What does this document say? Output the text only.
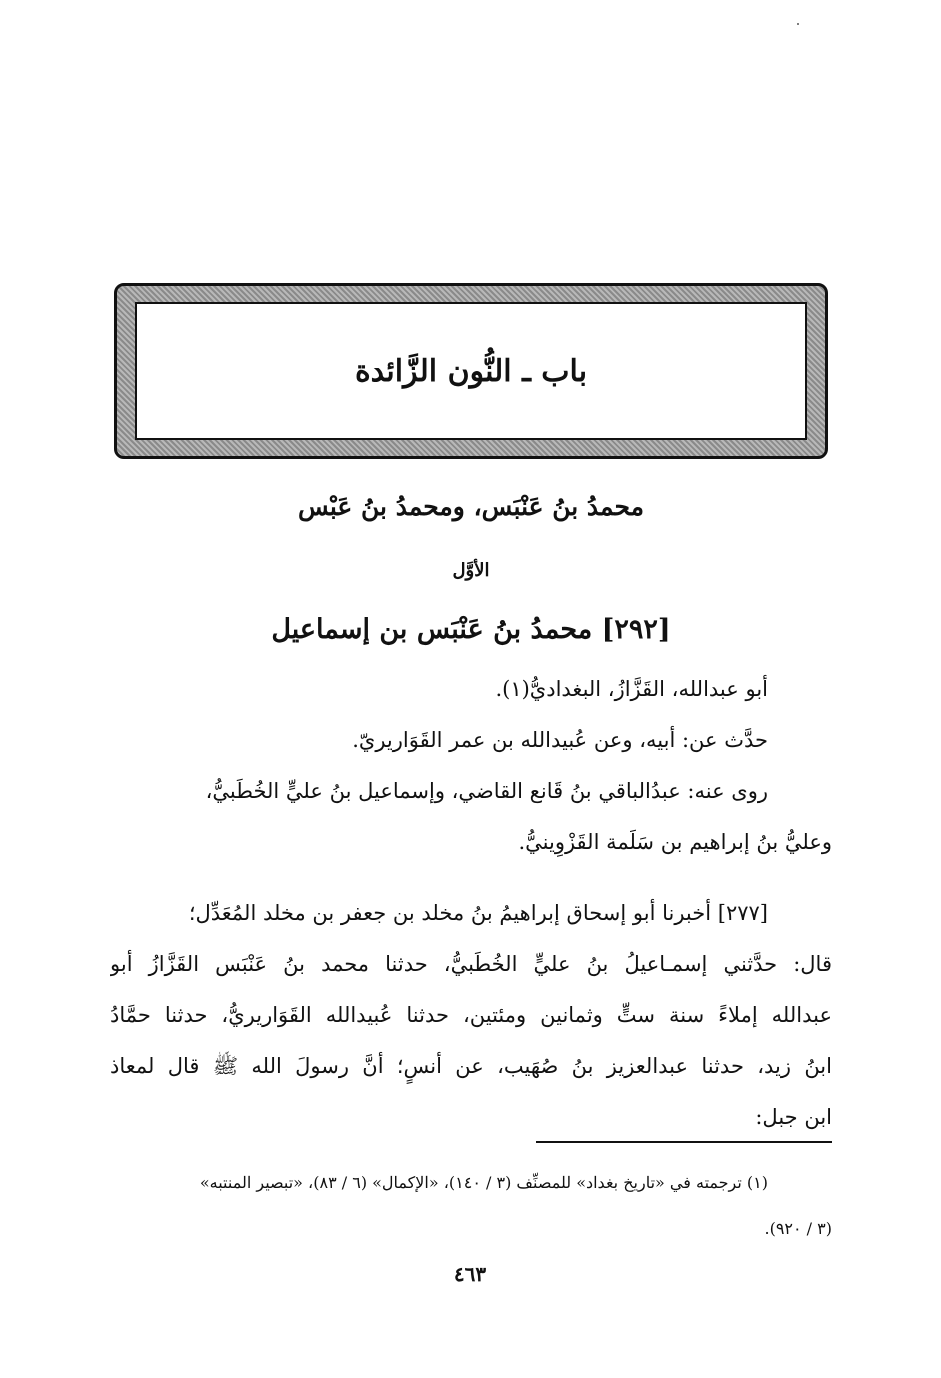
باب ـ النُّون الزَّائدة
محمدُ بنُ عَنْبَس، ومحمدُ بنُ عَبْس
الأوَّل
[٢٩٢] محمدُ بنُ عَنْبَس بن إسماعيل
أبو عبدالله، القَزَّازُ، البغداديُّ(١).
حدَّث عن: أبيه، وعن عُبيدالله بن عمر القَوَاريريّ.
روى عنه: عبدُالباقي بنُ قَانع القاضي، وإسماعيل بنُ عليٍّ الخُطَبيُّ،
وعليُّ بنُ إبراهيم بن سَلَمة القَزْوِينيُّ.
[٢٧٧] أخبرنا أبو إسحاق إبراهيمُ بنُ مخلد بن جعفر بن مخلد المُعَدِّل؛
قال: حدَّثني إسمـاعيلُ بنُ عليٍّ الخُطَبيُّ، حدثنا محمد بنُ عَنْبَس القَزَّازُ أبو
عبدالله إملاءً سنة ستٍّ وثمانين ومئتين، حدثنا عُبيدالله القَوَاريريُّ، حدثنا حمَّادُ
ابنُ زيد، حدثنا عبدالعزيز بنُ صُهَيب، عن أنسٍ؛ أنَّ رسولَ الله ﷺ قال لمعاذ
ابن جبل:
(١) ترجمته في «تاريخ بغداد» للمصنِّف (٣ / ١٤٠)، «الإكمال» (٦ / ٨٣)، «تبصير المنتبه»
(٣ / ٩٢٠).
٤٦٣
